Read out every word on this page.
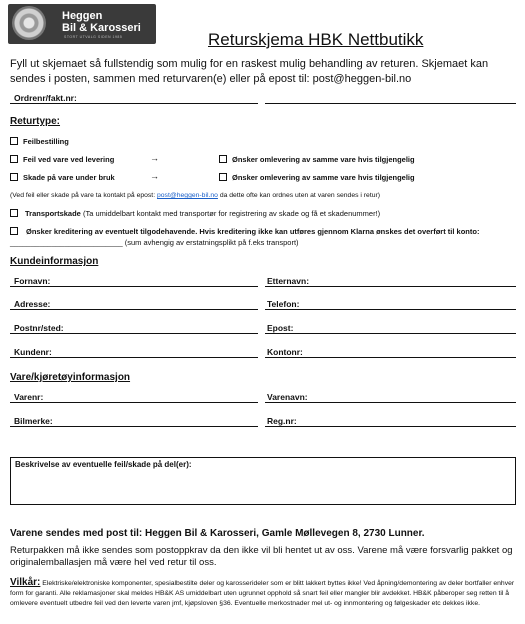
Heggen
Bil & Karosseri
STORT UTVALG SIDEN 1985	Returskjema HBK Nettbutikk
Fyll ut skjemaet så fullstendig som mulig for en raskest mulig behandling av returen. Skjemaet kan sendes i posten, sammen med returvaren(e) eller på epost til: post@heggen-bil.no
Ordrenr/fakt.nr:
Returtype:
Feilbestilling
Feil ved vare ved levering	→	Ønsker omlevering av samme vare hvis tilgjengelig
Skade på vare under bruk	→	Ønsker omlevering av samme vare hvis tilgjengelig
(Ved feil eller skade på vare ta kontakt på epost: post@heggen-bil.no da dette ofte kan ordnes uten at varen sendes i retur)
Transportskade (Ta umiddelbart kontakt med transportør for registrering av skade og få et skadenummer!)
Ønsker kreditering av eventuelt tilgodehavende. Hvis kreditering ikke kan utføres gjennom Klarna ønskes det overført til konto: ___________________________ (sum avhengig av erstatningsplikt på f.eks transport)
Kundeinformasjon
Fornavn:	Etternavn:
Adresse:	Telefon:
Postnr/sted:	Epost:
Kundenr:	Kontonr:
Vare/kjøretøyinformasjon
Varenr:	Varenavn:
Bilmerke:	Reg.nr:
Beskrivelse av eventuelle feil/skade på del(er):
Varene sendes med post til: Heggen Bil & Karosseri, Gamle Møllevegen 8, 2730 Lunner.
Returpakken må ikke sendes som postoppkrav da den ikke vil bli hentet ut av oss. Varene må være forsvarlig pakket og originalemballasjen må være hel ved retur til oss.
Vilkår: Elektriske/elektroniske komponenter, spesialbestilte deler og karosserideler som er blitt lakkert byttes ikke! Ved åpning/demontering av deler bortfaller enhver form for garanti. Alle reklamasjoner skal meldes HB&K AS umiddelbart uten ugrunnet opphold så snart feil eller mangler blir avdekket. HB&K påberoper seg retten til å omlevere eventuelt utbedre feil ved den leverte varen jmf, kjøpsloven §36. Eventuelle merkostnader mel ut- og innmontering og følgeskader etc dekkes ikke.
